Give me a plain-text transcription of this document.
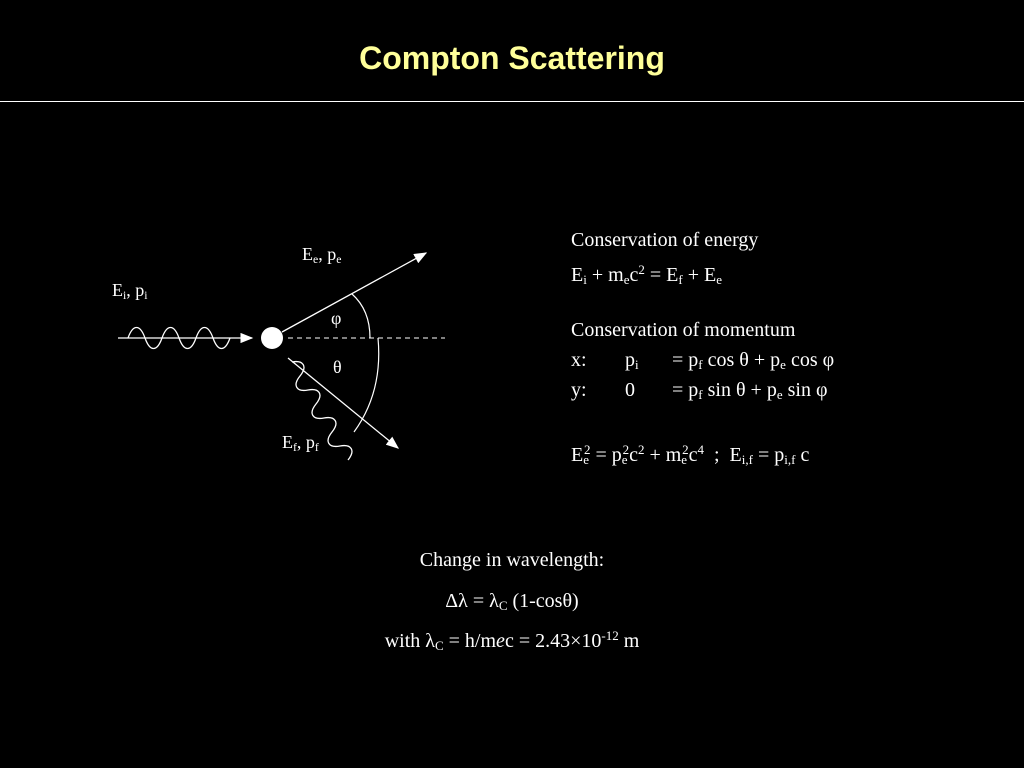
Compton Scattering
$E_i$, $p_i$
$E_e$, $p_e$
$E_f$, $p_f$
φ
θ
Conservation of energy
$E_i + m_ec^2 = E_f + E_e$
Conservation of momentum
x: $p_i = p_f$ $\cos \theta + p_e$ cos φ
y: $0 = p_f$ $\sin \theta + p_e$ sin φ
$E_e^2 = p_e^2c^2 + m_e^2c^4$  ;  $E_{i,f} = p_{i,f}$ c
Change in wavelength:
$\Delta\lambda = \lambda_C$ (1-cosθ)
with $\lambda_C = h/mec = 2.43\times 10^{-12}$ m
